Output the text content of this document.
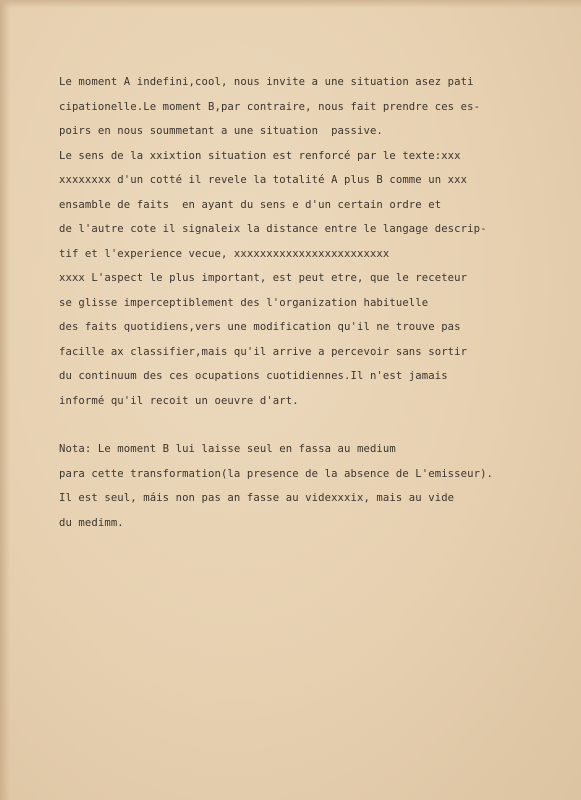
Le moment A indefini,cool, nous invite a une situation asez pati
cipationelle.Le moment B,par contraire, nous fait prendre ces es-
poirs en nous soummetant a une situation  passive.
Le sens de la xxixtion situation est renforcé par le texte:xxx
xxxxxxxx d'un cotté il revele la totalité A plus B comme un xxx
ensamble de faits  en ayant du sens e d'un certain ordre et
de l'autre cote il signaleix la distance entre le langage descrip-
tif et l'experience vecue, xxxxxxxxxxxxxxxxxxxxxxxx
xxxx L'aspect le plus important, est peut etre, que le receteur
se glisse imperceptiblement des l'organization habituelle
des faits quotidiens,vers une modification qu'il ne trouve pas
facille ax classifier,mais qu'il arrive a percevoir sans sortir
du continuum des ces ocupations cuotidiennes.Il n'est jamais
informé qu'il recoit un oeuvre d'art.
Nota: Le moment B lui laisse seul en fassa au medium
para cette transformation(la presence de la absence de L'emisseur).
Il est seul, máis non pas an fasse au videxxxix, mais au vide
du medimm.
